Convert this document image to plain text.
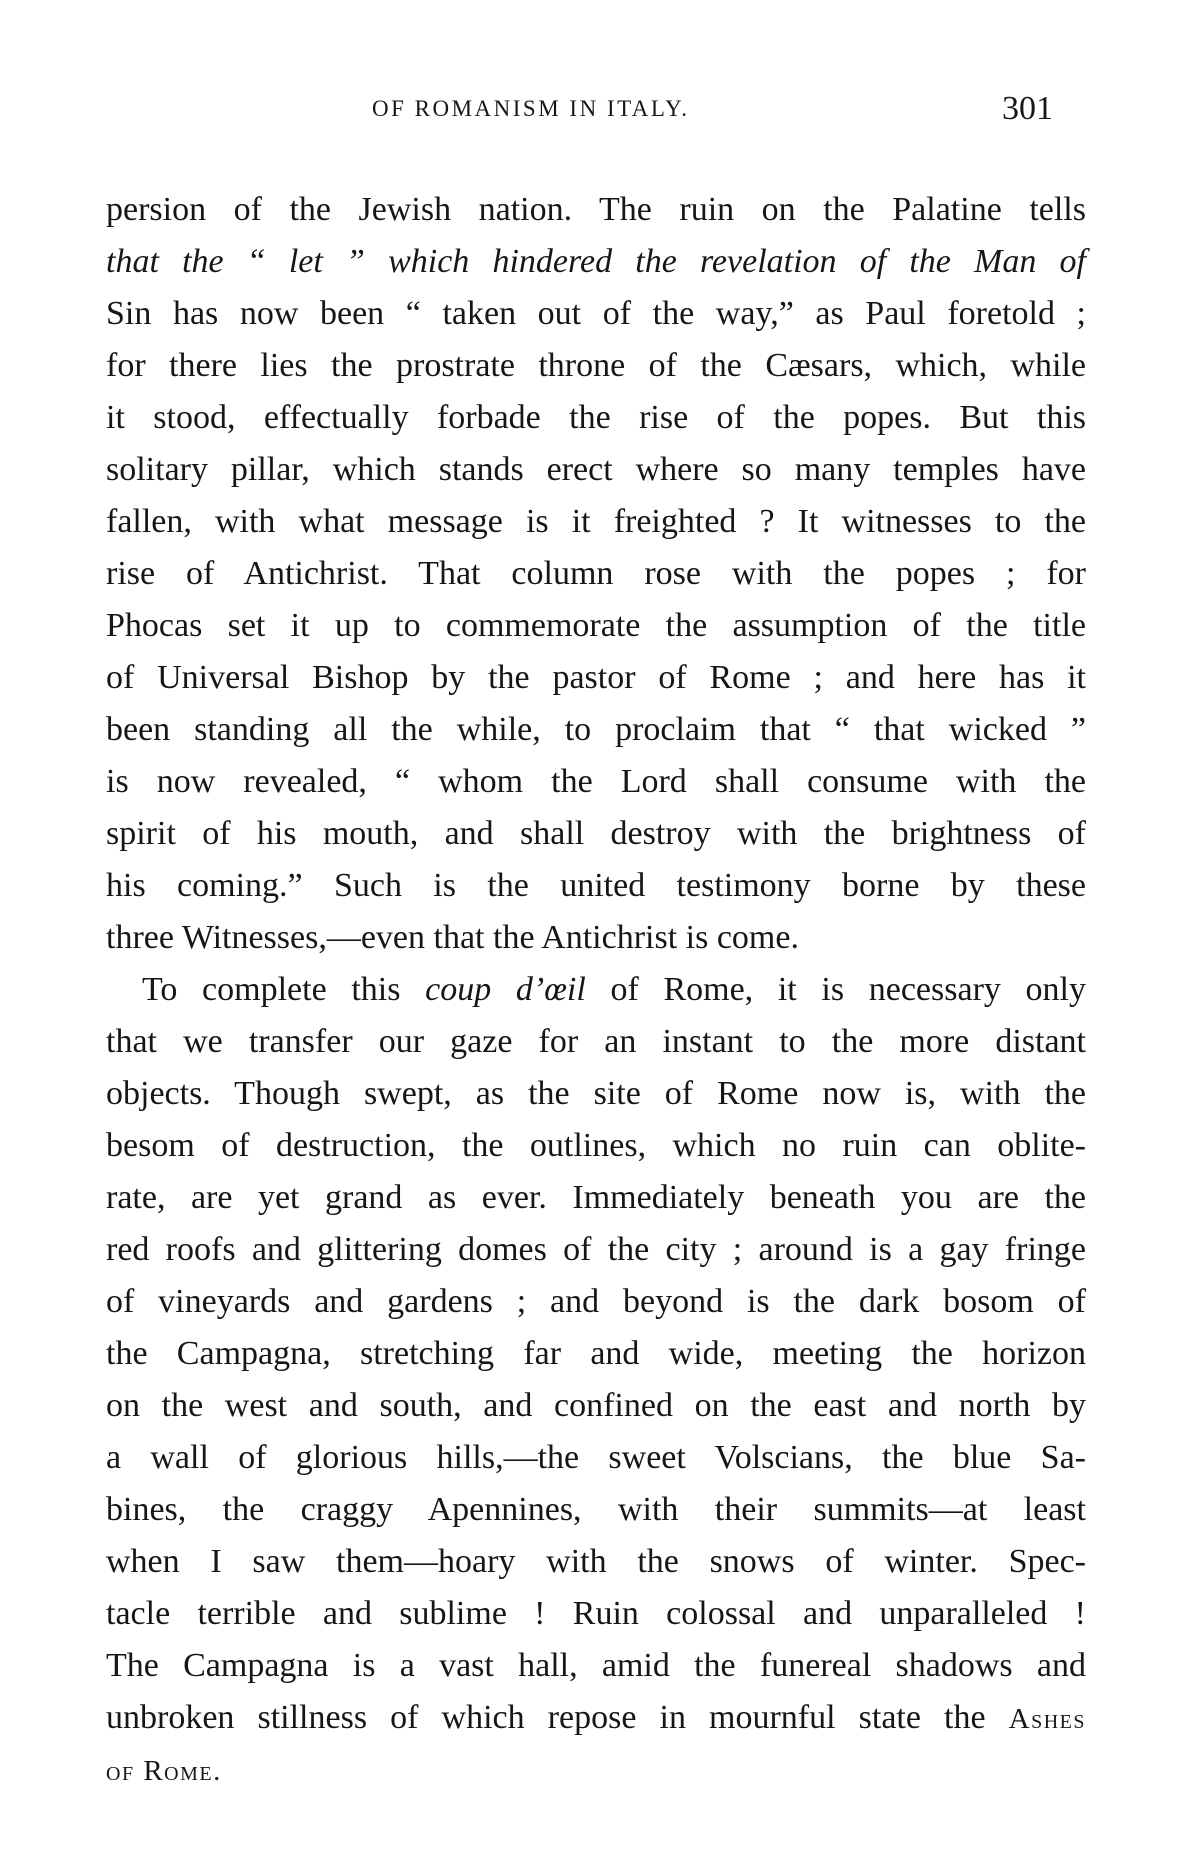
OF ROMANISM IN ITALY.	301
persion of the Jewish nation. The ruin on the Palatine tells
that the “ let ” which hindered the revelation of the Man of
Sin has now been “ taken out of the way,” as Paul foretold ;
for there lies the prostrate throne of the Cæsars, which, while
it stood, effectually forbade the rise of the popes. But this
solitary pillar, which stands erect where so many temples have
fallen, with what message is it freighted ? It witnesses to the
rise of Antichrist. That column rose with the popes ; for
Phocas set it up to commemorate the assumption of the title
of Universal Bishop by the pastor of Rome ; and here has it
been standing all the while, to proclaim that “ that wicked ”
is now revealed, “ whom the Lord shall consume with the
spirit of his mouth, and shall destroy with the brightness of
his coming.” Such is the united testimony borne by these
three Witnesses,—even that the Antichrist is come.
To complete this coup d’œil of Rome, it is necessary only
that we transfer our gaze for an instant to the more distant
objects. Though swept, as the site of Rome now is, with the
besom of destruction, the outlines, which no ruin can oblite-
rate, are yet grand as ever. Immediately beneath you are the
red roofs and glittering domes of the city ; around is a gay fringe
of vineyards and gardens ; and beyond is the dark bosom of
the Campagna, stretching far and wide, meeting the horizon
on the west and south, and confined on the east and north by
a wall of glorious hills,—the sweet Volscians, the blue Sa-
bines, the craggy Apennines, with their summits—at least
when I saw them—hoary with the snows of winter. Spec-
tacle terrible and sublime ! Ruin colossal and unparalleled !
The Campagna is a vast hall, amid the funereal shadows and
unbroken stillness of which repose in mournful state the Ashes
of Rome.
